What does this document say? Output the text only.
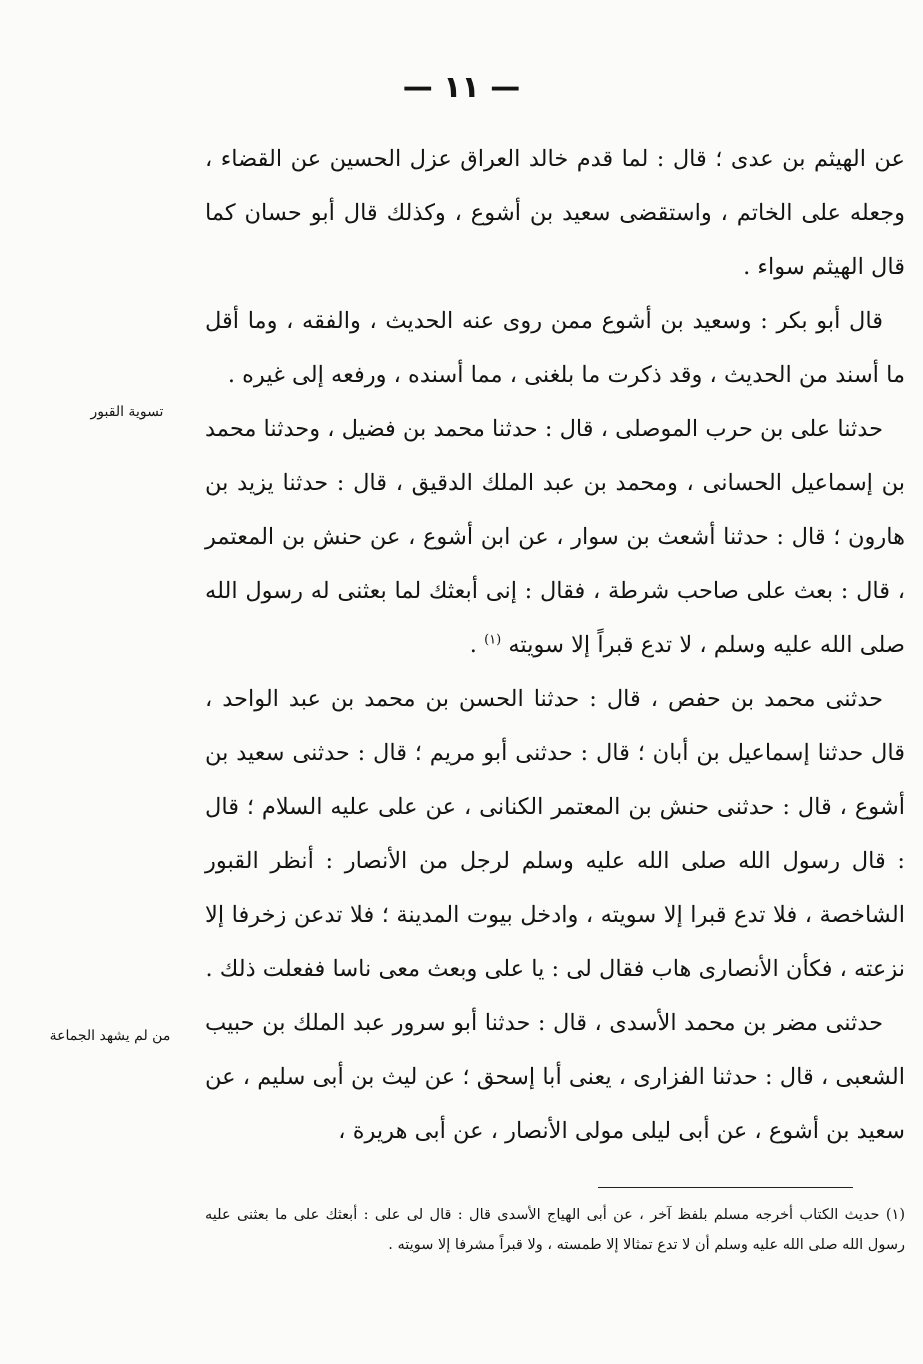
— ١١ —

عن الهيثم بن عدى ؛ قال : لما قدم خالد العراق عزل الحسين عن القضاء ، وجعله على الخاتم ، واستقضى سعيد بن أشوع ، وكذلك قال أبو حسان كما قال الهيثم سواء .

قال أبو بكر : وسعيد بن أشوع ممن روى عنه الحديث ، والفقه ، وما أقل ما أسند من الحديث ، وقد ذكرت ما بلغنى ، مما أسنده ، ورفعه إلى غيره .

حدثنا على بن حرب الموصلى ، قال : حدثنا محمد بن فضيل ، وحدثنا محمد بن إسماعيل الحسانى ، ومحمد بن عبد الملك الدقيق ، قال : حدثنا يزيد بن هارون ؛ قال : حدثنا أشعث بن سوار ، عن ابن أشوع ، عن حنش بن المعتمر ، قال : بعث على صاحب شرطة ، فقال : إنى أبعثك لما بعثنى له رسول الله صلى الله عليه وسلم ، لا تدع قبراً إلا سويته $^{(١)}$ .

حدثنى محمد بن حفص ، قال : حدثنا الحسن بن محمد بن عبد الواحد ، قال حدثنا إسماعيل بن أبان ؛ قال : حدثنى أبو مريم ؛ قال : حدثنى سعيد بن أشوع ، قال : حدثنى حنش بن المعتمر الكنانى ، عن على عليه السلام ؛ قال : قال رسول الله صلى الله عليه وسلم لرجل من الأنصار : أنظر القبور الشاخصة ، فلا تدع قبرا إلا سويته ، وادخل بيوت المدينة ؛ فلا تدعن زخرفا إلا نزعته ، فكأن الأنصارى هاب فقال لى : يا على وبعث معى ناسا ففعلت ذلك .

حدثنى مضر بن محمد الأسدى ، قال : حدثنا أبو سرور عبد الملك بن حبيب الشعبى ، قال : حدثنا الفزارى ، يعنى أبا إسحق ؛ عن ليث بن أبى سليم ، عن سعيد بن أشوع ، عن أبى ليلى مولى الأنصار ، عن أبى هريرة ،

تسوية القبور
من لم يشهد الجماعة

(١) حديث الكتاب أخرجه مسلم بلفظ آخر ، عن أبى الهياج الأسدى قال : قال لى على : أبعثك على ما بعثنى عليه رسول الله صلى الله عليه وسلم أن لا تدع تمثالا إلا طمسته ، ولا قبراً مشرفا إلا سويته .
